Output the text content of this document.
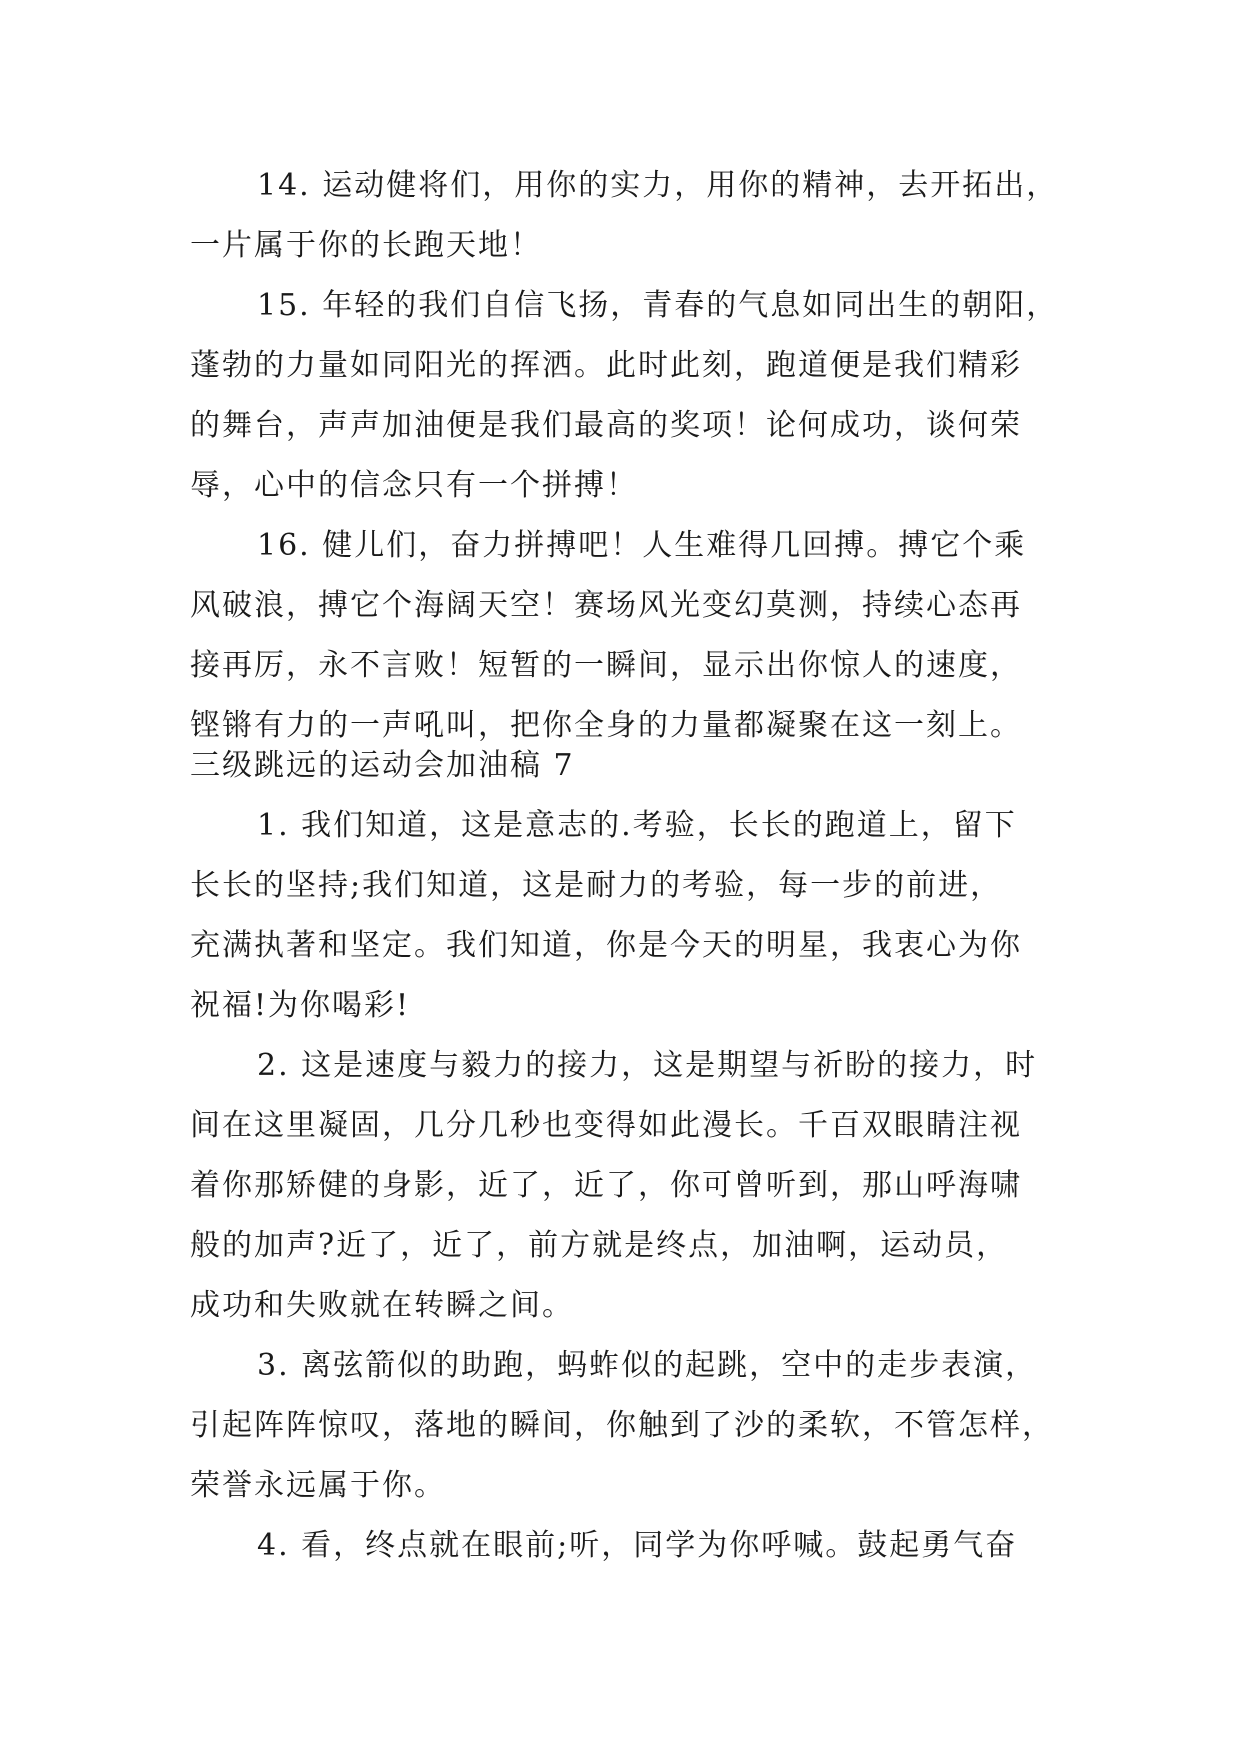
14. 运动健将们，用你的实力，用你的精神，去开拓出，
一片属于你的长跑天地！
15. 年轻的我们自信飞扬，青春的气息如同出生的朝阳，
蓬勃的力量如同阳光的挥洒。此时此刻，跑道便是我们精彩
的舞台，声声加油便是我们最高的奖项！论何成功，谈何荣
辱，心中的信念只有一个拼搏！
16. 健儿们，奋力拼搏吧！人生难得几回搏。搏它个乘
风破浪，搏它个海阔天空！赛场风光变幻莫测，持续心态再
接再厉，永不言败！短暂的一瞬间，显示出你惊人的速度，
铿锵有力的一声吼叫，把你全身的力量都凝聚在这一刻上。
三级跳远的运动会加油稿 7
1. 我们知道，这是意志的.考验，长长的跑道上，留下
长长的坚持;我们知道，这是耐力的考验，每一步的前进，
充满执著和坚定。我们知道，你是今天的明星，我衷心为你
祝福!为你喝彩!
2. 这是速度与毅力的接力，这是期望与祈盼的接力，时
间在这里凝固，几分几秒也变得如此漫长。千百双眼睛注视
着你那矫健的身影，近了，近了，你可曾听到，那山呼海啸
般的加声?近了，近了，前方就是终点，加油啊，运动员，
成功和失败就在转瞬之间。
3. 离弦箭似的助跑，蚂蚱似的起跳，空中的走步表演，
引起阵阵惊叹，落地的瞬间，你触到了沙的柔软，不管怎样，
荣誉永远属于你。
4. 看，终点就在眼前;听，同学为你呼喊。鼓起勇气奋
